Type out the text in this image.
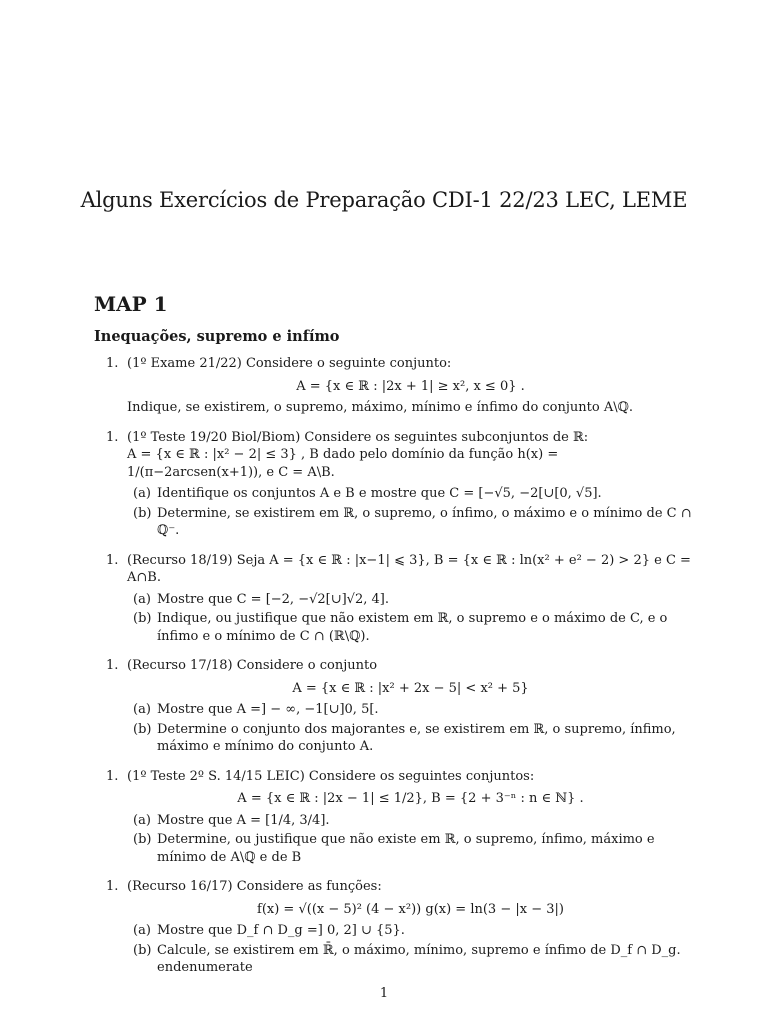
Alguns Exercícios de Preparação CDI-1 22/23 LEC, LEME
MAP 1
Inequações, supremo e infímo
1. (1º Exame 21/22) Considere o seguinte conjunto:

A = {x ∈ ℝ : |2x + 1| ≥ x², x ≤ 0} .

Indique, se existirem, o supremo, máximo, mínimo e ínfimo do conjunto A\ℚ.

1. (1º Teste 19/20 Biol/Biom) Considere os seguintes subconjuntos de ℝ:

A = {x ∈ ℝ : |x² − 2| ≤ 3} , B dado pelo domínio da função h(x) = 1/(π−2arcsen(x+1)), e C = A\B.

(a) Identifique os conjuntos A e B e mostre que C = [−√5, −2[∪[0, √5].
(b) Determine, se existirem em ℝ, o supremo, o ínfimo, o máximo e o mínimo de C ∩ ℚ⁻.
1. (Recurso 18/19) Seja A = {x ∈ ℝ : |x−1| ⩽ 3}, B = {x ∈ ℝ : ln(x² + e² − 2) > 2} e C = A∩B.

(a) Mostre que C = [−2, −√2[∪]√2, 4].
(b) Indique, ou justifique que não existem em ℝ, o supremo e o máximo de C, e o ínfimo e o mínimo de C ∩ (ℝ\ℚ).
1. (Recurso 17/18) Considere o conjunto

A = {x ∈ ℝ : |x² + 2x − 5| < x² + 5}
(a) Mostre que A =] − ∞, −1[∪]0, 5[.
(b) Determine o conjunto dos majorantes e, se existirem em ℝ, o supremo, ínfimo, máximo e mínimo do conjunto A.
1. (1º Teste 2º S. 14/15 LEIC) Considere os seguintes conjuntos:

A = {x ∈ ℝ : |2x − 1| ≤ 1/2}, B = {2 + 3⁻ⁿ : n ∈ ℕ} .
(a) Mostre que A = [1/4, 3/4].
(b) Determine, ou justifique que não existe em ℝ, o supremo, ínfimo, máximo e mínimo de A\ℚ e de B
1. (Recurso 16/17) Considere as funções:

f(x) = √((x − 5)² (4 − x²)) g(x) = ln(3 − |x − 3|)
(a) Mostre que D_f ∩ D_g =] 0, 2] ∪ {5}.
(b) Calcule, se existirem em ℝ̄, o máximo, mínimo, supremo e ínfimo de D_f ∩ D_g. endenumerate
1
